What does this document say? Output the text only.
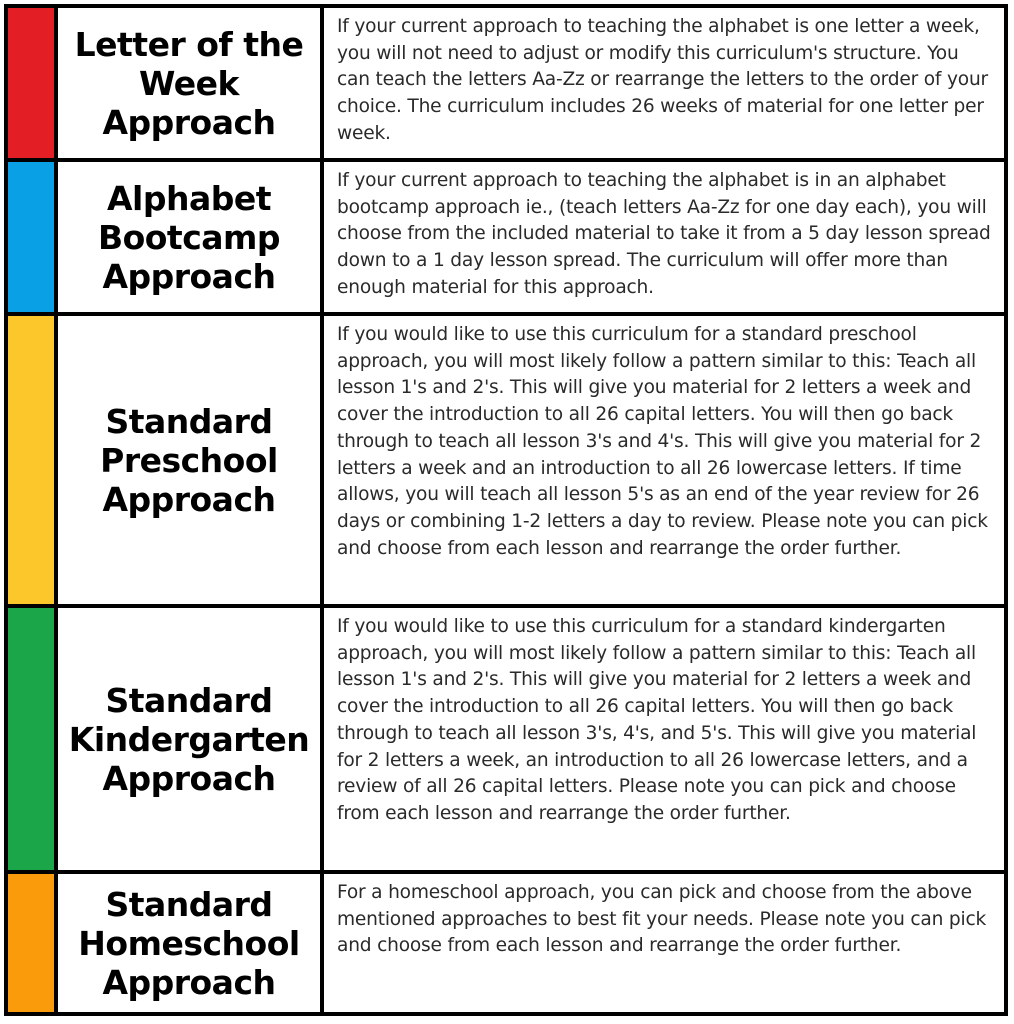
Letter of the
Week
Approach
If your current approach to teaching the alphabet is one letter a week, you will not need to adjust or modify this curriculum's structure. You can teach the letters Aa-Zz or rearrange the letters to the order of your choice. The curriculum includes 26 weeks of material for one letter per week.
Alphabet
Bootcamp
Approach
If your current approach to teaching the alphabet is in an alphabet bootcamp approach ie., (teach letters Aa-Zz for one day each), you will choose from the included material to take it from a 5 day lesson spread down to a 1 day lesson spread. The curriculum will offer more than enough material for this approach.
Standard
Preschool
Approach
If you would like to use this curriculum for a standard preschool approach, you will most likely follow a pattern similar to this: Teach all lesson 1's and 2's. This will give you material for 2 letters a week and cover the introduction to all 26 capital letters. You will then go back through to teach all lesson 3's and 4's. This will give you material for 2 letters a week and an introduction to all 26 lowercase letters. If time allows, you will teach all lesson 5's as an end of the year review for 26 days or combining 1-2 letters a day to review. Please note you can pick and choose from each lesson and rearrange the order further.
Standard
Kindergarten
Approach
If you would like to use this curriculum for a standard kindergarten approach, you will most likely follow a pattern similar to this: Teach all lesson 1's and 2's. This will give you material for 2 letters a week and cover the introduction to all 26 capital letters. You will then go back through to teach all lesson 3's, 4's, and 5's. This will give you material for 2 letters a week, an introduction to all 26 lowercase letters, and a review of all 26 capital letters. Please note you can pick and choose from each lesson and rearrange the order further.
Standard
Homeschool
Approach
For a homeschool approach, you can pick and choose from the above mentioned approaches to best fit your needs. Please note you can pick and choose from each lesson and rearrange the order further.
